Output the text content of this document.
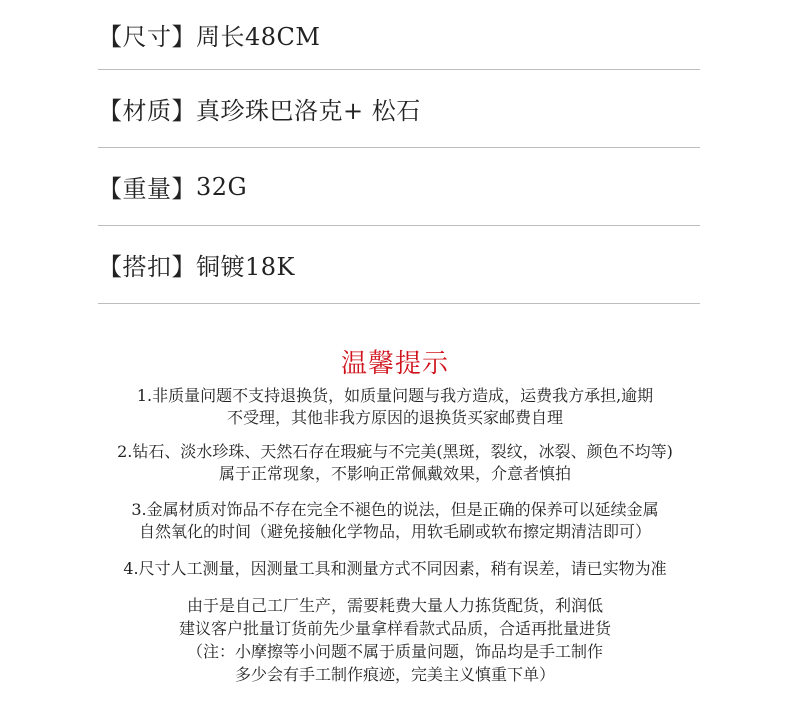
【尺寸】 周长48CM
【材质】 真珍珠巴洛克+ 松石
【重量】 32G
【搭扣】 铜镀18K
温馨提示

1.非质量问题不支持退换货，如质量问题与我方造成，运费我方承担,逾期

不受理，其他非我方原因的退换货买家邮费自理

2.钻石、淡水珍珠、天然石存在瑕疵与不完美(黑斑，裂纹，冰裂、颜色不均等)

属于正常现象，不影响正常佩戴效果，介意者慎拍

3.金属材质对饰品不存在完全不褪色的说法，但是正确的保养可以延续金属

自然氧化的时间（避免接触化学物品，用软毛刷或软布擦定期清洁即可）

4.尺寸人工测量，因测量工具和测量方式不同因素，稍有误差，请已实物为准

由于是自己工厂生产，需要耗费大量人力拣货配货，利润低

建议客户批量订货前先少量拿样看款式品质，合适再批量进货

（注：小摩擦等小问题不属于质量问题，饰品均是手工制作

多少会有手工制作痕迹，完美主义慎重下单）
